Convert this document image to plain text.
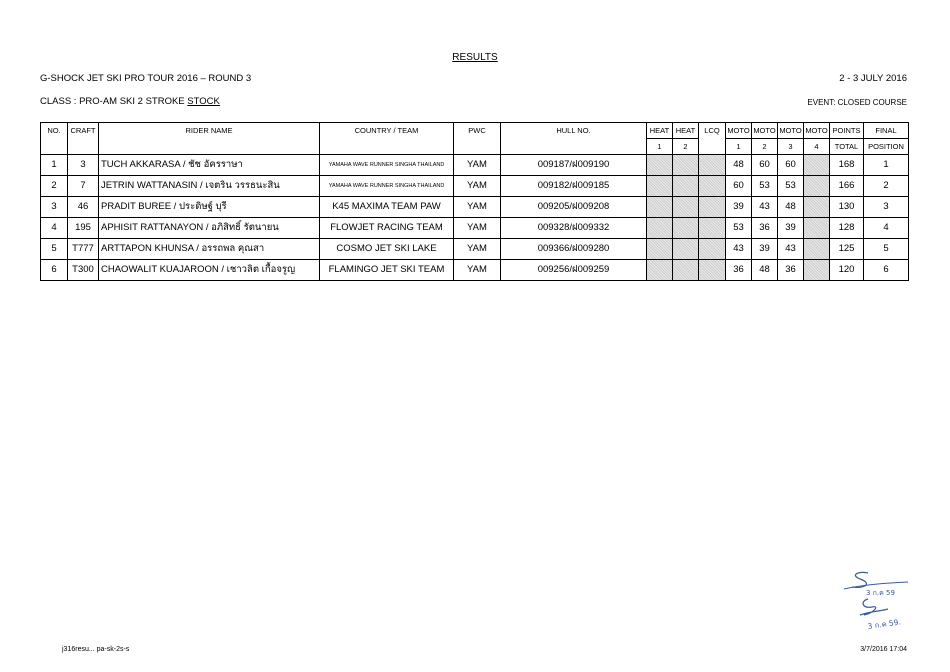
RESULTS
G-SHOCK JET SKI PRO TOUR 2016 – ROUND 3	2 - 3 JULY 2016
CLASS : PRO-AM SKI 2 STROKE STOCK	EVENT: CLOSED COURSE
NO.	CRAFT	RIDER NAME	COUNTRY / TEAM	PWC	HULL NO.	HEAT	HEAT	LCQ	MOTO	MOTO	MOTO	MOTO	POINTS	FINAL
						1	2		1	2	3	4	TOTAL	POSITION
1	3	TUCH AKKARASA / ชัช อัครราษา	YAMAHA WAVE RUNNER SINGHA THAILAND	YAM	009187/ฝ009190				48	60	60		168	1
2	7	JETRIN WATTANASIN / เจตริน วรรธนะสิน	YAMAHA WAVE RUNNER SINGHA THAILAND	YAM	009182/ฝ009185				60	53	53		166	2
3	46	PRADIT BUREE / ประดิษฐ์ บุรี	K45 MAXIMA TEAM PAW	YAM	009205/ฝ009208				39	43	48		130	3
4	195	APHISIT RATTANAYON / อภิสิทธิ์ รัตนายน	FLOWJET RACING TEAM	YAM	009328/ฝ009332				53	36	39		128	4
5	T777	ARTTAPON KHUNSA / อรรถพล คุณสา	COSMO JET SKI LAKE	YAM	009366/ฝ009280				43	39	43		125	5
6	T300	CHAOWALIT KUAJAROON / เชาวลิต เกื้อจรูญ	FLAMINGO JET SKI TEAM	YAM	009256/ฝ009259				36	48	36		120	6
3 ก.ค 59
3 ก.ค 59.
j316resu... pa-sk-2s-s	3/7/2016 17:04
